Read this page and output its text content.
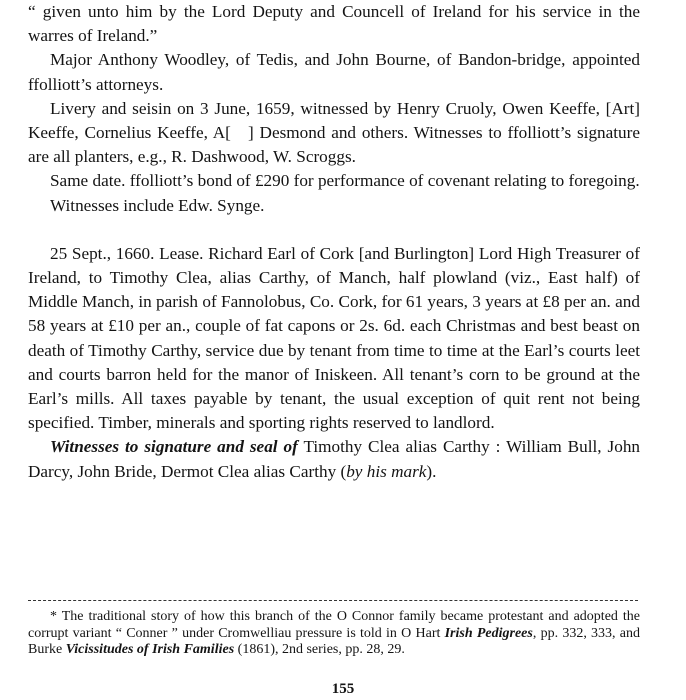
“ given unto him by the Lord Deputy and Councell of Ireland for his service in the warres of Ireland.”

Major Anthony Woodley, of Tedis, and John Bourne, of Bandon-bridge, appointed ffolliott’s attorneys.

Livery and seisin on 3 June, 1659, witnessed by Henry Cruoly, Owen Keeffe, [Art] Keeffe, Cornelius Keeffe, A[ ] Desmond and others. Witnesses to ffolliott’s signature are all planters, e.g., R. Dashwood, W. Scroggs.

Same date. ffolliott’s bond of £290 for performance of covenant relating to foregoing.

Witnesses include Edw. Synge.

25 Sept., 1660. Lease. Richard Earl of Cork [and Burlington] Lord High Treasurer of Ireland, to Timothy Clea, alias Carthy, of Manch, half plowland (viz., East half) of Middle Manch, in parish of Fannolobus, Co. Cork, for 61 years, 3 years at £8 per an. and 58 years at £10 per an., couple of fat capons or 2s. 6d. each Christmas and best beast on death of Timothy Carthy, service due by tenant from time to time at the Earl’s courts leet and courts barron held for the manor of Iniskeen. All tenant’s corn to be ground at the Earl’s mills. All taxes payable by tenant, the usual exception of quit rent not being specified. Timber, minerals and sporting rights reserved to landlord.

Witnesses to signature and seal of Timothy Clea alias Carthy : William Bull, John Darcy, John Bride, Dermot Clea alias Carthy (by his mark).

* The traditional story of how this branch of the O Connor family became protestant and adopted the corrupt variant “ Conner ” under Cromwelliau pressure is told in O Hart Irish Pedigrees, pp. 332, 333, and Burke Vicissitudes of Irish Families (1861), 2nd series, pp. 28, 29.

155
